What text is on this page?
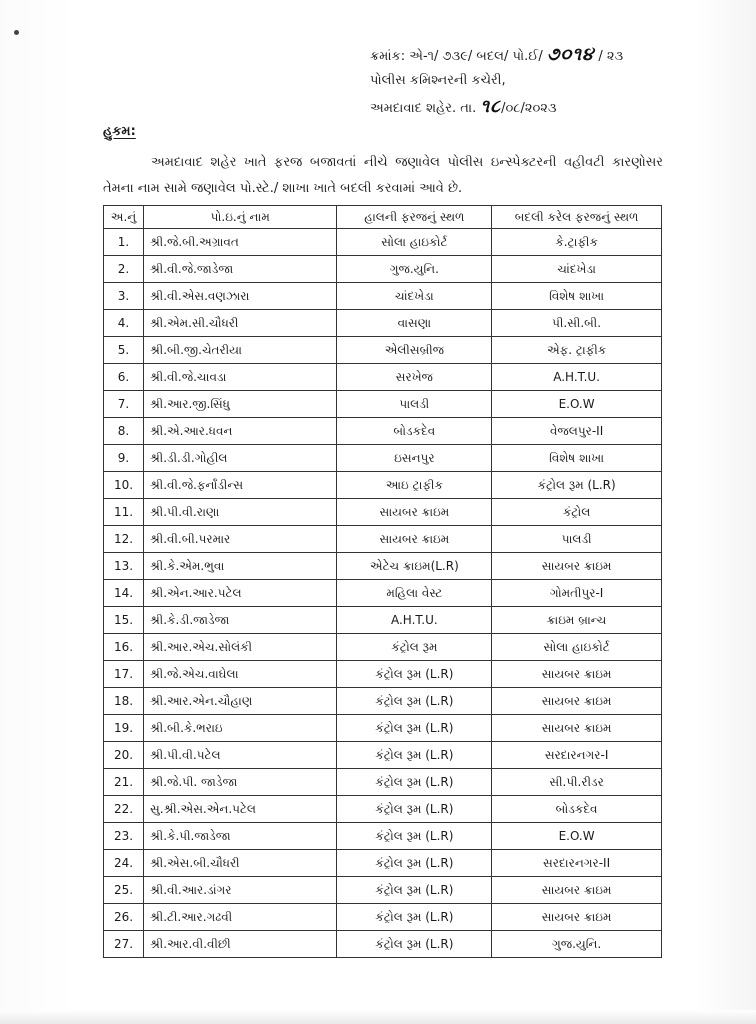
ક્રમાંક: એ-૧/ ૭૩૯/ બદલ/ પો.ઈ/ ૭૦૧૪ / ૨૩
પોલીસ કમિશ્નરની કચેરી,
અમદાવાદ શહેર. તા. ૧૮/૦૮/૨૦૨૩
હુકમ:
અમદાવાદ શહેર ખાતે ફરજ બજાવતાં નીચે જણાવેલ પોલીસ ઇન્સ્પેક્ટરની વહીવટી કારણોસર તેમના નામ સામે જણાવેલ પો.સ્ટે./ શાખા ખાતે બદલી કરવામાં આવે છે.
અ.નું	પો.ઇ.નું નામ	હાલની ફરજનું સ્થળ	બદલી કરેલ ફરજનું સ્થળ
1.	શ્રી.જે.બી.અગ્રાવત	સોલા હાઇકોર્ટ	કે.ટ્રાફીક
2.	શ્રી.વી.જે.જાડેજા	ગુજ.યુનિ.	ચાંદખેડા
3.	શ્રી.વી.એસ.વણઝારા	ચાંદખેડા	વિશેષ શાખા
4.	શ્રી.એમ.સી.ચૌધરી	વાસણા	પી.સી.બી.
5.	શ્રી.બી.જી.ચેતરીયા	એલીસબ્રીજ	એફ. ટ્રાફીક
6.	શ્રી.વી.જે.ચાવડા	સરખેજ	A.H.T.U.
7.	શ્રી.આર.જી.સિંધુ	પાલડી	E.O.W
8.	શ્રી.એ.આર.ધવન	બોડકદેવ	વેજલપુર-II
9.	શ્રી.ડી.ડી.ગોહીલ	ઇસનપુર	વિશેષ શાખા
10.	શ્રી.વી.જે.ફર્નાંડીન્સ	આઇ ટ્રાફીક	કંટ્રોલ રૂમ (L.R)
11.	શ્રી.પી.વી.રાણા	સાયબર ક્રાઇમ	કંટ્રોલ
12.	શ્રી.વી.બી.પરમાર	સાયબર ક્રાઇમ	પાલડી
13.	શ્રી.કે.એમ.ભુવા	એટેચ ક્રાઇમ(L.R)	સાયબર ક્રાઇમ
14.	શ્રી.એન.આર.પટેલ	મહિલા વેસ્ટ	ગોમતીપુર-I
15.	શ્રી.કે.ડી.જાડેજા	A.H.T.U.	ક્રાઇમ બ્રાન્ચ
16.	શ્રી.આર.એચ.સોલંકી	કંટ્રોલ રૂમ	સોલા હાઇકોર્ટ
17.	શ્રી.જે.એચ.વાઘેલા	કંટ્રોલ રૂમ (L.R)	સાયબર ક્રાઇમ
18.	શ્રી.આર.એન.ચૌહાણ	કંટ્રોલ રૂમ (L.R)	સાયબર ક્રાઇમ
19.	શ્રી.બી.કે.ભરાઇ	કંટ્રોલ રૂમ (L.R)	સાયબર ક્રાઇમ
20.	શ્રી.પી.વી.પટેલ	કંટ્રોલ રૂમ (L.R)	સરદારનગર-I
21.	શ્રી.જે.પી. જાડેજા	કંટ્રોલ રૂમ (L.R)	સી.પી.રીડર
22.	સુ.શ્રી.એસ.એન.પટેલ	કંટ્રોલ રૂમ (L.R)	બોડકદેવ
23.	શ્રી.કે.પી.જાડેજા	કંટ્રોલ રૂમ (L.R)	E.O.W
24.	શ્રી.એસ.બી.ચૌધરી	કંટ્રોલ રૂમ (L.R)	સરદારનગર-II
25.	શ્રી.વી.આર.ડાંગર	કંટ્રોલ રૂમ (L.R)	સાયબર ક્રાઇમ
26.	શ્રી.ટી.આર.ગઢવી	કંટ્રોલ રૂમ (L.R)	સાયબર ક્રાઇમ
27.	શ્રી.આર.વી.વીછી	કંટ્રોલ રૂમ (L.R)	ગુજ.યુનિ.
